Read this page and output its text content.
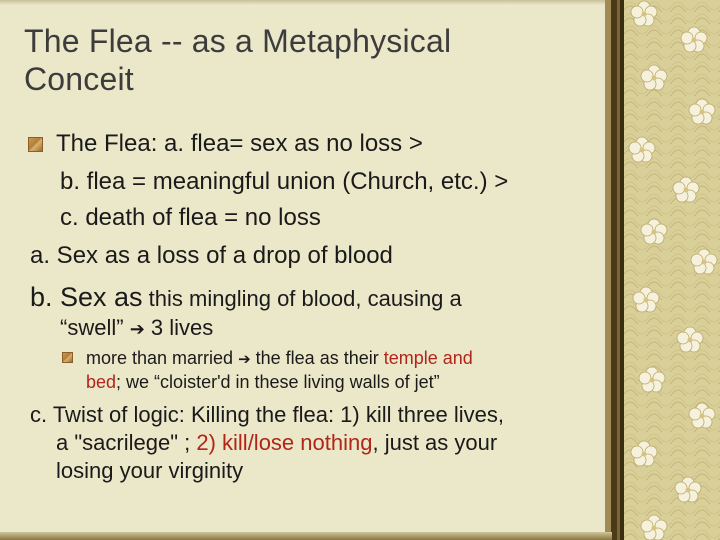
The Flea -- as a Metaphysical
Conceit
The Flea: a. flea= sex as no loss >
b. flea = meaningful union (Church, etc.) >
c. death of flea = no loss
a. Sex as a loss of a drop of blood
b. Sex as this mingling of blood, causing a
“swell” ➔ 3 lives
more than married ➔ the flea as their temple and
bed; we “cloister'd in these living walls of jet”
c. Twist of logic: Killing the flea: 1) kill three lives,
a "sacrilege" ; 2) kill/lose nothing, just as your
losing your virginity
